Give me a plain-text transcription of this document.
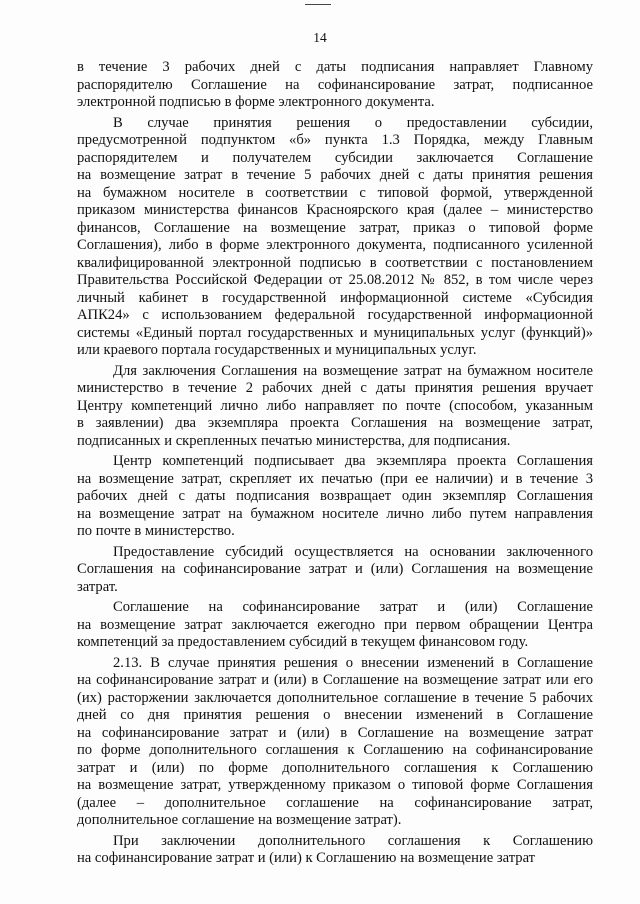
14
в течение 3 рабочих дней с даты подписания направляет Главному
распорядителю Соглашение на софинансирование затрат, подписанное
электронной подписью в форме электронного документа.
В случае принятия решения о предоставлении субсидии,
предусмотренной подпунктом «б» пункта 1.3 Порядка, между Главным
распорядителем и получателем субсидии заключается Соглашение
на возмещение затрат в течение 5 рабочих дней с даты принятия решения
на бумажном носителе в соответствии с типовой формой, утвержденной
приказом министерства финансов Красноярского края (далее – министерство
финансов, Соглашение на возмещение затрат, приказ о типовой форме
Соглашения), либо в форме электронного документа, подписанного усиленной
квалифицированной электронной подписью в соответствии с постановлением
Правительства Российской Федерации от 25.08.2012 № 852, в том числе через
личный кабинет в государственной информационной системе «Субсидия
АПК24» с использованием федеральной государственной информационной
системы «Единый портал государственных и муниципальных услуг (функций)»
или краевого портала государственных и муниципальных услуг.
Для заключения Соглашения на возмещение затрат на бумажном носителе
министерство в течение 2 рабочих дней с даты принятия решения вручает
Центру компетенций лично либо направляет по почте (способом, указанным
в заявлении) два экземпляра проекта Соглашения на возмещение затрат,
подписанных и скрепленных печатью министерства, для подписания.
Центр компетенций подписывает два экземпляра проекта Соглашения
на возмещение затрат, скрепляет их печатью (при ее наличии) и в течение 3
рабочих дней с даты подписания возвращает один экземпляр Соглашения
на возмещение затрат на бумажном носителе лично либо путем направления
по почте в министерство.
Предоставление субсидий осуществляется на основании заключенного
Соглашения на софинансирование затрат и (или) Соглашения на возмещение
затрат.
Соглашение на софинансирование затрат и (или) Соглашение
на возмещение затрат заключается ежегодно при первом обращении Центра
компетенций за предоставлением субсидий в текущем финансовом году.
2.13. В случае принятия решения о внесении изменений в Соглашение
на софинансирование затрат и (или) в Соглашение на возмещение затрат или его
(их) расторжении заключается дополнительное соглашение в течение 5 рабочих
дней со дня принятия решения о внесении изменений в Соглашение
на софинансирование затрат и (или) в Соглашение на возмещение затрат
по форме дополнительного соглашения к Соглашению на софинансирование
затрат и (или) по форме дополнительного соглашения к Соглашению
на возмещение затрат, утвержденному приказом о типовой форме Соглашения
(далее – дополнительное соглашение на софинансирование затрат,
дополнительное соглашение на возмещение затрат).
При заключении дополнительного соглашения к Соглашению
на софинансирование затрат и (или) к Соглашению на возмещение затрат
